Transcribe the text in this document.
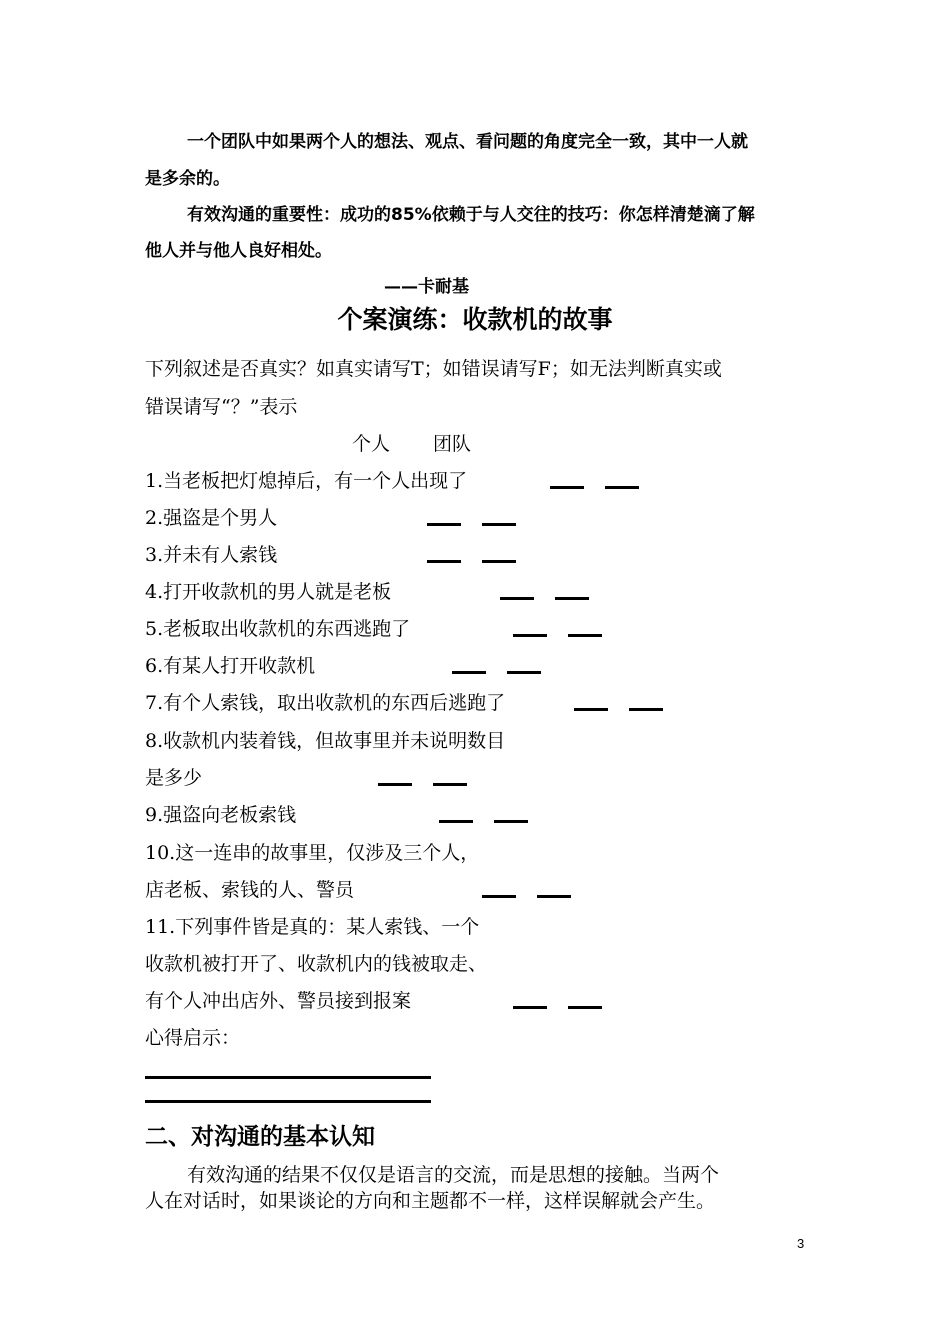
一个团队中如果两个人的想法、观点、看问题的角度完全一致，其中一人就
是多余的。
有效沟通的重要性：成功的85%依赖于与人交往的技巧：你怎样清楚滴了解
他人并与他人良好相处。
——卡耐基
个案演练：收款机的故事
下列叙述是否真实？如真实请写T；如错误请写F；如无法判断真实或
错误请写“？”表示
个人 团队
1.当老板把灯熄掉后，有一个人出现了
2.强盗是个男人
3.并未有人索钱
4.打开收款机的男人就是老板
5.老板取出收款机的东西逃跑了
6.有某人打开收款机
7.有个人索钱，取出收款机的东西后逃跑了
8.收款机内装着钱，但故事里并未说明数目
是多少
9.强盗向老板索钱
10.这一连串的故事里，仅涉及三个人，
店老板、索钱的人、警员
11.下列事件皆是真的：某人索钱、一个
收款机被打开了、收款机内的钱被取走、
有个人冲出店外、警员接到报案
心得启示：
二、对沟通的基本认知
有效沟通的结果不仅仅是语言的交流，而是思想的接触。当两个
人在对话时，如果谈论的方向和主题都不一样，这样误解就会产生。
3
